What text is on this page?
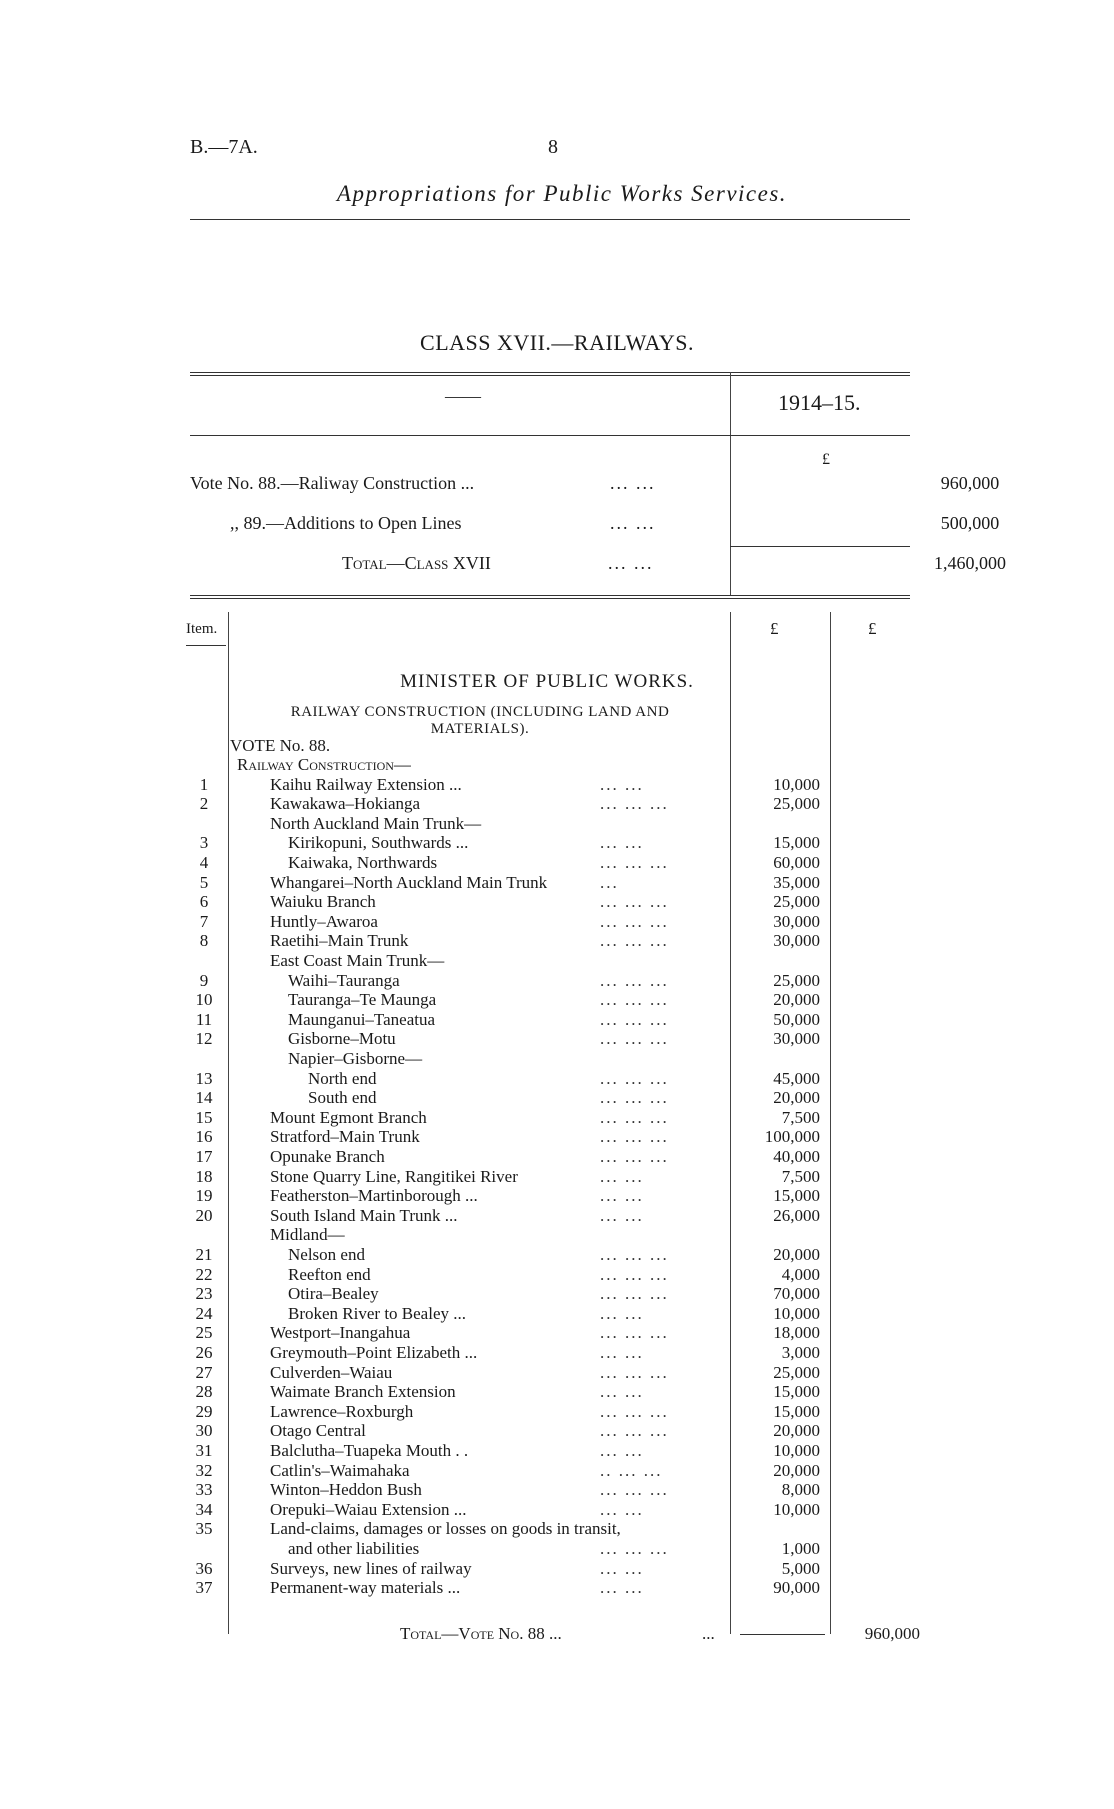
B.—7A.	8
Appropriations for Public Works Services.
CLASS XVII.—RAILWAYS.
——	1914–15.
£
Vote No. 88.—Raliway Construction ...	... ...	960,000
,, 89.—Additions to Open Lines	... ...	500,000
Total—Class XVII	... ...	1,460,000
Item.	£	£
MINISTER OF PUBLIC WORKS.
RAILWAY CONSTRUCTION (INCLUDING LAND AND MATERIALS).
VOTE No. 88.
Railway Construction—
1	Kaihu Railway Extension ...	... ...	10,000
2	Kawakawa–Hokianga	... ... ...	25,000
North Auckland Main Trunk—
3	Kirikopuni, Southwards ...	... ...	15,000
4	Kaiwaka, Northwards	... ... ...	60,000
5	Whangarei–North Auckland Main Trunk	...	35,000
6	Waiuku Branch	... ... ...	25,000
7	Huntly–Awaroa	... ... ...	30,000
8	Raetihi–Main Trunk	... ... ...	30,000
East Coast Main Trunk—
9	Waihi–Tauranga	... ... ...	25,000
10	Tauranga–Te Maunga	... ... ...	20,000
11	Maunganui–Taneatua	... ... ...	50,000
12	Gisborne–Motu	... ... ...	30,000
Napier–Gisborne—
13	North end	... ... ...	45,000
14	South end	... ... ...	20,000
15	Mount Egmont Branch	... ... ...	7,500
16	Stratford–Main Trunk	... ... ...	100,000
17	Opunake Branch	... ... ...	40,000
18	Stone Quarry Line, Rangitikei River	... ...	7,500
19	Featherston–Martinborough ...	... ...	15,000
20	South Island Main Trunk ...	... ...	26,000
Midland—
21	Nelson end	... ... ...	20,000
22	Reefton end	... ... ...	4,000
23	Otira–Bealey	... ... ...	70,000
24	Broken River to Bealey ...	... ...	10,000
25	Westport–Inangahua	... ... ...	18,000
26	Greymouth–Point Elizabeth ...	... ...	3,000
27	Culverden–Waiau	... ... ...	25,000
28	Waimate Branch Extension	... ...	15,000
29	Lawrence–Roxburgh	... ... ...	15,000
30	Otago Central	... ... ...	20,000
31	Balclutha–Tuapeka Mouth . .	... ...	10,000
32	Catlin's–Waimahaka	.. ... ...	20,000
33	Winton–Heddon Bush	... ... ...	8,000
34	Orepuki–Waiau Extension ...	... ...	10,000
35	Land-claims, damages or losses on goods in transit,
and other liabilities	... ... ...	1,000
36	Surveys, new lines of railway	... ...	5,000
37	Permanent-way materials ...	... ...	90,000
Total—Vote No. 88 ...	...	960,000
